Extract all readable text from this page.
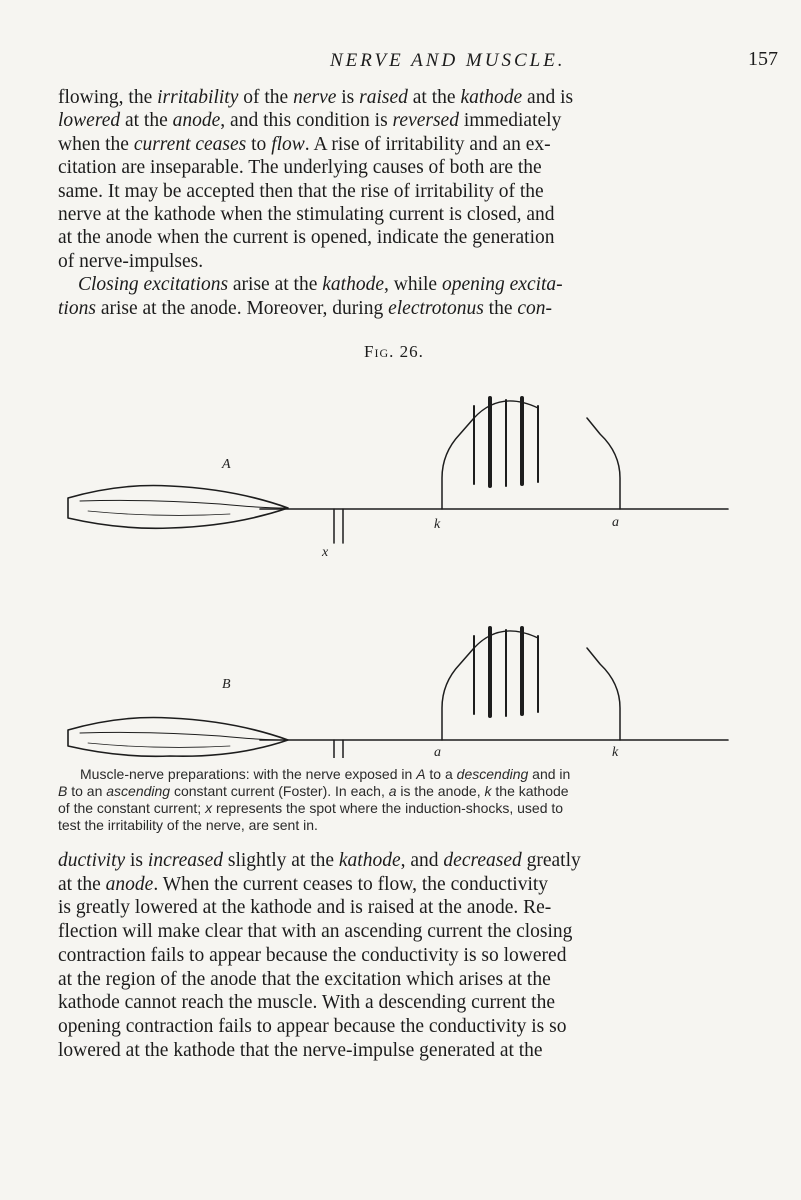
NERVE AND MUSCLE.	157

flowing, the irritability of the nerve is raised at the kathode and is

lowered at the anode, and this condition is reversed immediately

when the current ceases to flow. A rise of irritability and an ex-

citation are inseparable. The underlying causes of both are the

same. It may be accepted then that the rise of irritability of the

nerve at the kathode when the stimulating current is closed, and

at the anode when the current is opened, indicate the generation

of nerve-impulses.

Closing excitations arise at the kathode, while opening excita-

tions arise at the anode. Moreover, during electrotonus the con-

Fig. 26.
A
x
k	a
B
a	k

Muscle-nerve preparations: with the nerve exposed in A to a descending and in

B to an ascending constant current (Foster). In each, a is the anode, k the kathode

of the constant current; x represents the spot where the induction-shocks, used to

test the irritability of the nerve, are sent in.

ductivity is increased slightly at the kathode, and decreased greatly

at the anode. When the current ceases to flow, the conductivity

is greatly lowered at the kathode and is raised at the anode. Re-

flection will make clear that with an ascending current the closing

contraction fails to appear because the conductivity is so lowered

at the region of the anode that the excitation which arises at the

kathode cannot reach the muscle. With a descending current the

opening contraction fails to appear because the conductivity is so

lowered at the kathode that the nerve-impulse generated at the
